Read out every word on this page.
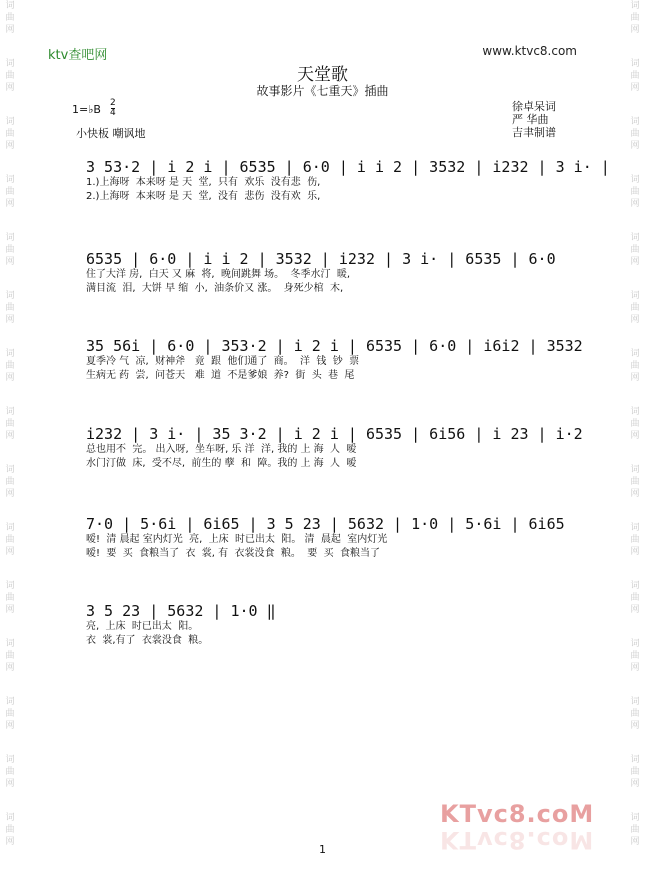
词
曲
网
词
曲
网
词
曲
网
词
曲
网
词
曲
网
词
曲
网
词
曲
网
词
曲
网
词
曲
网
词
曲
网
词
曲
网
词
曲
网
词
曲
网
词
曲
网
词
曲
网
词
曲
网
词
曲
网
词
曲
网
词
曲
网
词
曲
网
词
曲
网
词
曲
网
词
曲
网
词
曲
网
词
曲
网
词
曲
网
词
曲
网
词
曲
网
词
曲
网
词
曲
网
ktv查吧网	www.ktvc8.com
天堂歌
故事影片《七重天》插曲
1=♭B 2
4
小快板 嘲讽地
徐卓呆词
严 华曲
吉聿制谱
3 53·2 | i 2 i | 6535 | 6·0 | i i 2 | 3532 | i232 | 3 i· |
1.)上海呀  本来呀 是 天  堂,  只有  欢乐  没有悲  伤,
2.)上海呀  本来呀 是 天  堂,  没有  悲伤  没有欢  乐,
6535 | 6·0 | i i 2 | 3532 | i232 | 3 i· | 6535 | 6·0
住了大洋 房,  白天 又 麻  将,  晚间跳舞 场。  冬季水汀  暖,
满目流  泪,  大饼 早 缩  小,  油条价又 涨。  身死少棺  木,
35 56i | 6·0 | 353·2 | i 2 i | 6535 | 6·0 | i6i2 | 3532
夏季冷 气  凉,  财神斧   竟  跟  他们通了  商。  洋  钱  钞  票
生病无 药  尝,  问苍天   难  道  不是爹娘  养?  街  头  巷  尾
i232 | 3 i· | 35 3·2 | i 2 i | 6535 | 6i56 | i 23 | i·2
总也用不  完。 出入呀,  坐车呀, 乐 洋  洋, 我的 上 海  人  嗳
水门汀做  床,  受不尽,  前生的 孽  和  障。我的 上 海  人  嗳
7·0 | 5·6i | 6i65 | 3 5 23 | 5632 | 1·0 | 5·6i | 6i65
嗳!  清 晨起 室内灯光  亮,  上床  时已出太  阳。 清  晨起  室内灯光
嗳!  要  买  食粮当了  衣  裳, 有  衣裳没食  粮。  要  买  食粮当了
3 5 23 | 5632 | 1·0 ‖
亮,  上床  时已出太  阳。
衣  裳,有了  衣裳没食  粮。
KTvc8.coM
KTvc8.coM
1
